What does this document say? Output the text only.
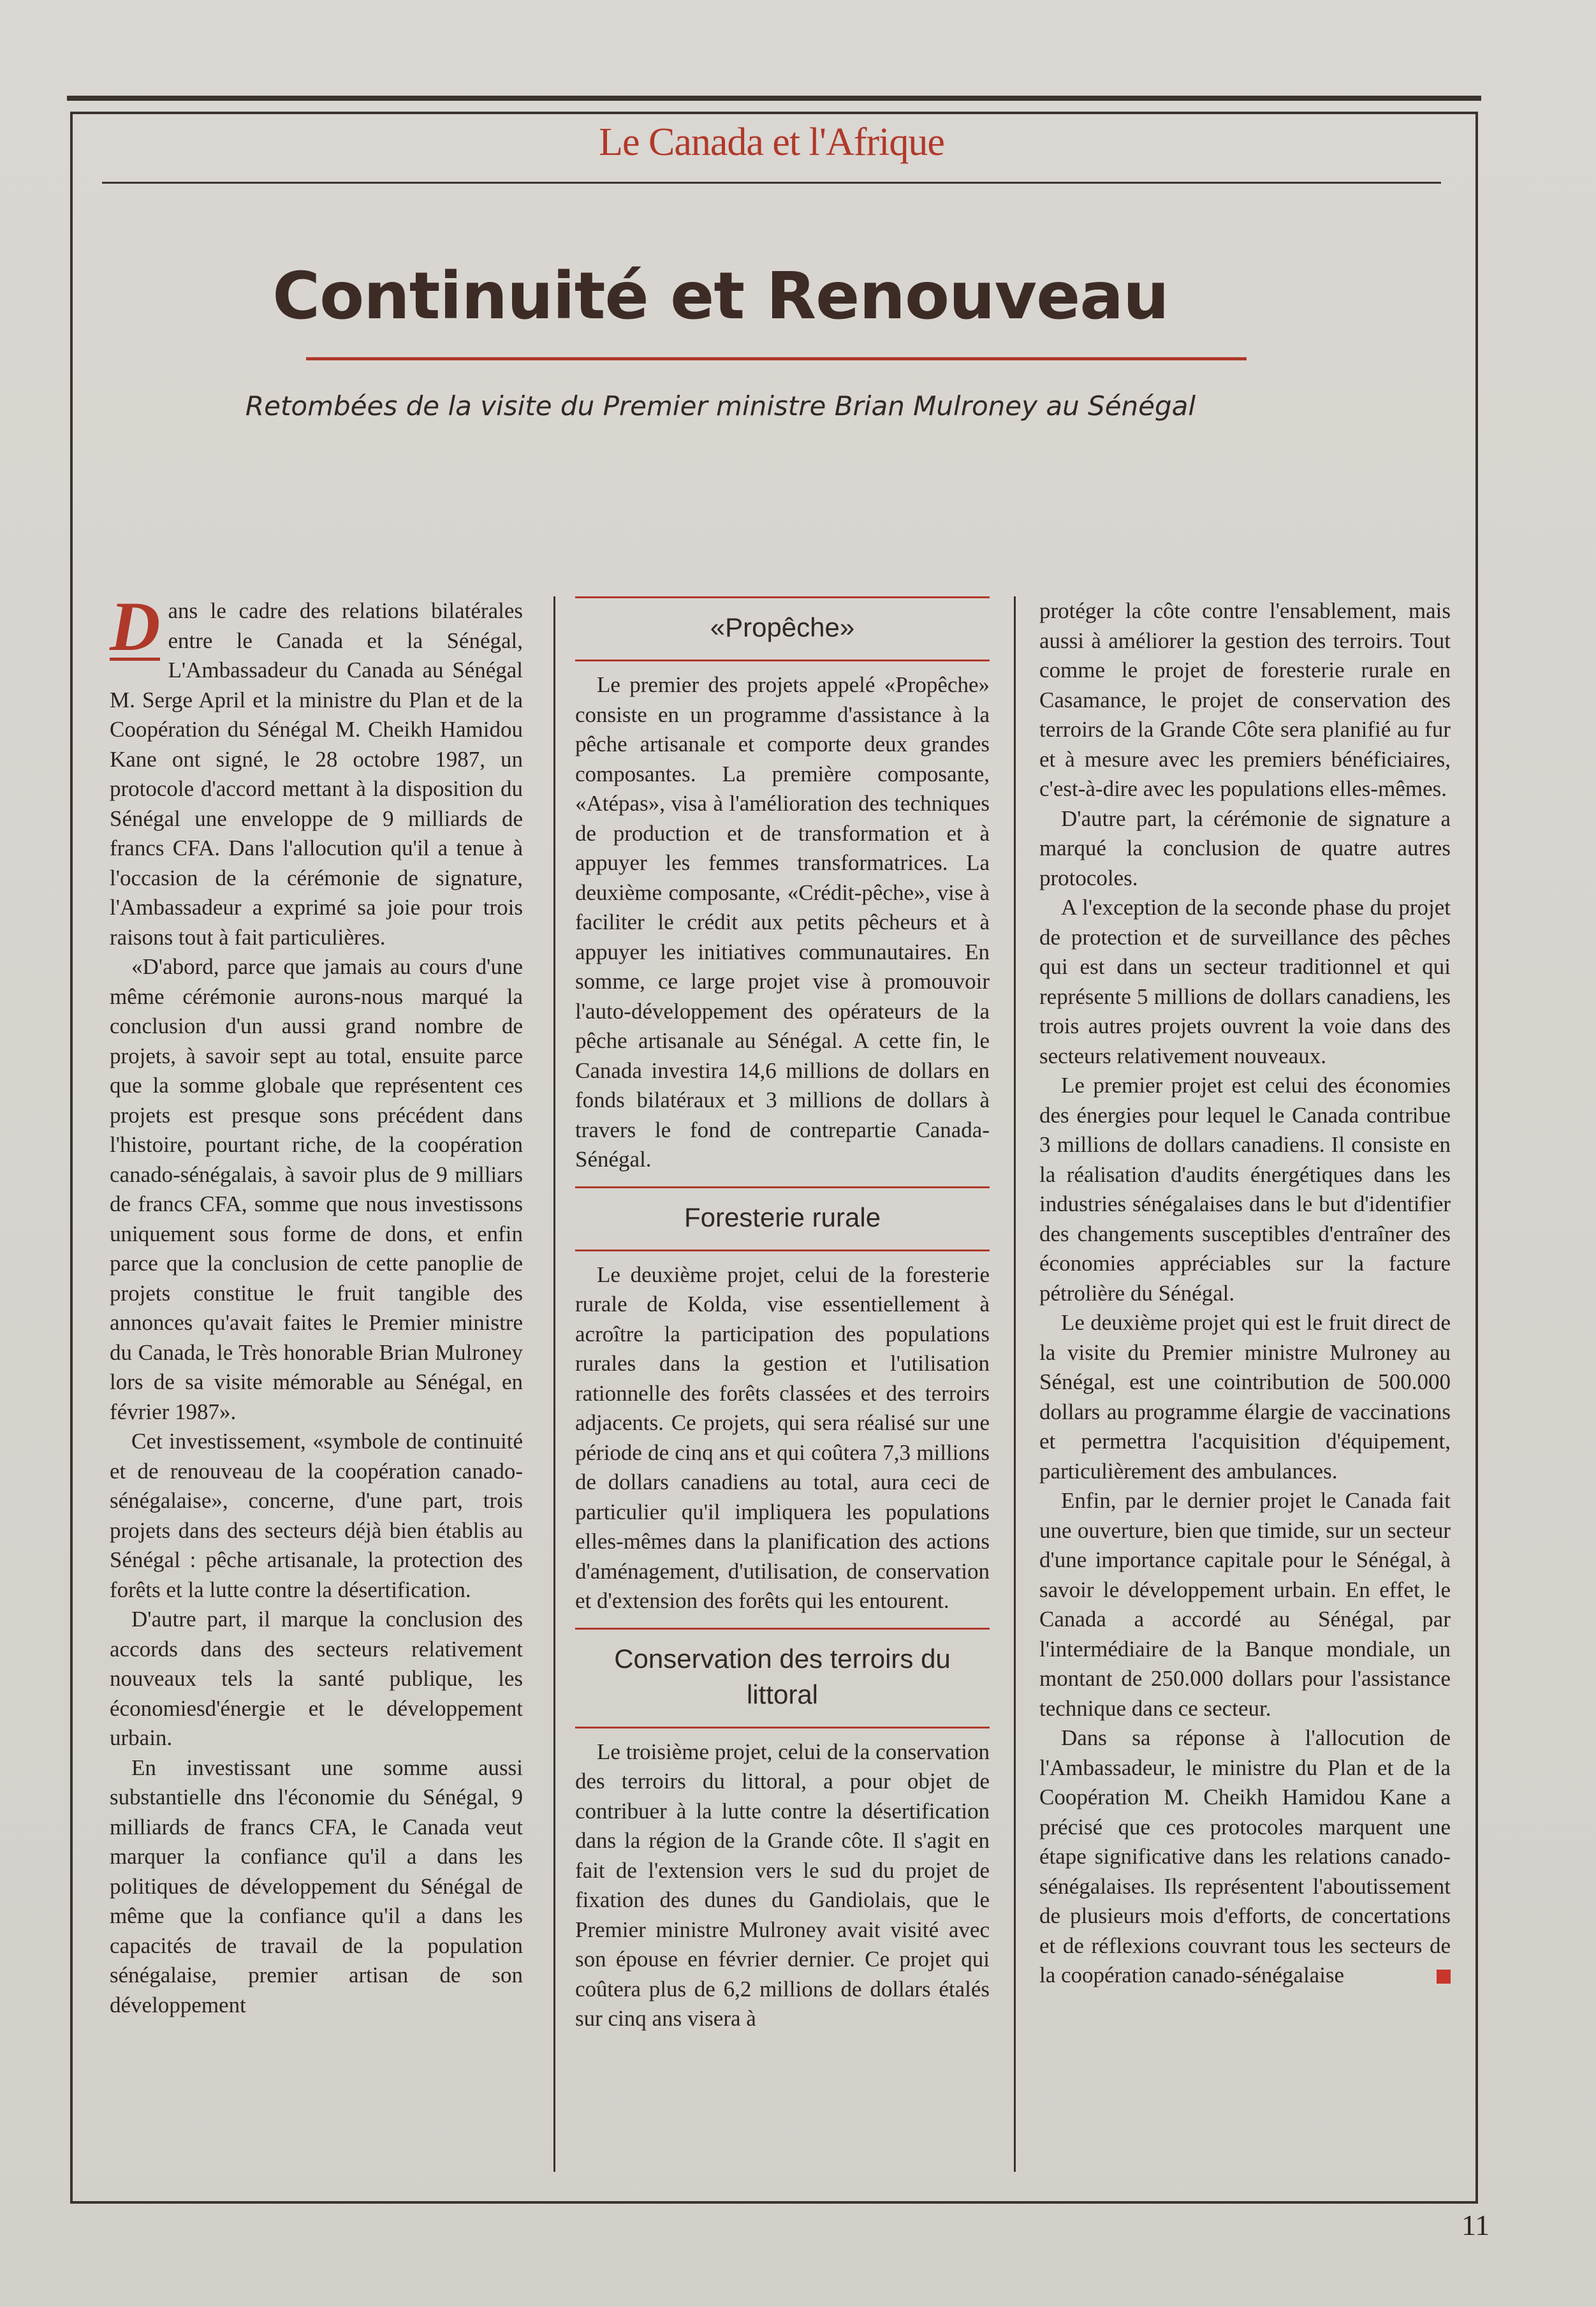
Le Canada et l'Afrique
Continuité et Renouveau
Retombées de la visite du Premier ministre Brian Mulroney au Sénégal

D ans le cadre des relations bilatérales entre le Canada et la Sénégal, L'Ambassadeur du Canada au Sénégal M. Serge April et la ministre du Plan et de la Coopération du Sénégal M. Cheikh Hamidou Kane ont signé, le 28 octobre 1987, un protocole d'accord mettant à la disposition du Sénégal une enveloppe de 9 milliards de francs CFA. Dans l'allocution qu'il a tenue à l'occasion de la cérémonie de signature, l'Ambassadeur a exprimé sa joie pour trois raisons tout à fait particulières.

«D'abord, parce que jamais au cours d'une même cérémonie aurons-nous marqué la conclusion d'un aussi grand nombre de projets, à savoir sept au total, ensuite parce que la somme globale que représentent ces projets est presque sons précédent dans l'histoire, pourtant riche, de la coopération canado-sénégalais, à savoir plus de 9 milliars de francs CFA, somme que nous investissons uniquement sous forme de dons, et enfin parce que la conclusion de cette panoplie de projets constitue le fruit tangible des annonces qu'avait faites le Premier ministre du Canada, le Très honorable Brian Mulroney lors de sa visite mémorable au Sénégal, en février 1987».

Cet investissement, «symbole de continuité et de renouveau de la coopération canado-sénégalaise», concerne, d'une part, trois projets dans des secteurs déjà bien établis au Sénégal : pêche artisanale, la protection des forêts et la lutte contre la désertification.

D'autre part, il marque la conclusion des accords dans des secteurs relativement nouveaux tels la santé publique, les économiesd'énergie et le développement urbain.

En investissant une somme aussi substantielle dns l'économie du Sénégal, 9 milliards de francs CFA, le Canada veut marquer la confiance qu'il a dans les politiques de développement du Sénégal de même que la confiance qu'il a dans les capacités de travail de la population sénégalaise, premier artisan de son développement

«Propêche»

Le premier des projets appelé «Propêche» consiste en un programme d'assistance à la pêche artisanale et comporte deux grandes composantes. La première composante, «Atépas», visa à l'amélioration des techniques de production et de transformation et à appuyer les femmes transformatrices. La deuxième composante, «Crédit-pêche», vise à faciliter le crédit aux petits pêcheurs et à appuyer les initiatives communautaires. En somme, ce large projet vise à promouvoir l'auto-développement des opérateurs de la pêche artisanale au Sénégal. A cette fin, le Canada investira 14,6 millions de dollars en fonds bilatéraux et 3 millions de dollars à travers le fond de contrepartie Canada-Sénégal.

Foresterie rurale

Le deuxième projet, celui de la foresterie rurale de Kolda, vise essentiellement à acroître la participation des populations rurales dans la gestion et l'utilisation rationnelle des forêts classées et des terroirs adjacents. Ce projets, qui sera réalisé sur une période de cinq ans et qui coûtera 7,3 millions de dollars canadiens au total, aura ceci de particulier qu'il impliquera les populations elles-mêmes dans la planification des actions d'aménagement, d'utilisation, de conservation et d'extension des forêts qui les entourent.

Conservation des terroirs du littoral

Le troisième projet, celui de la conservation des terroirs du littoral, a pour objet de contribuer à la lutte contre la désertification dans la région de la Grande côte. Il s'agit en fait de l'extension vers le sud du projet de fixation des dunes du Gandiolais, que le Premier ministre Mulroney avait visité avec son épouse en février dernier. Ce projet qui coûtera plus de 6,2 millions de dollars étalés sur cinq ans visera à

protéger la côte contre l'ensablement, mais aussi à améliorer la gestion des terroirs. Tout comme le projet de foresterie rurale en Casamance, le projet de conservation des terroirs de la Grande Côte sera planifié au fur et à mesure avec les premiers bénéficiaires, c'est-à-dire avec les populations elles-mêmes.

D'autre part, la cérémonie de signature a marqué la conclusion de quatre autres protocoles.

A l'exception de la seconde phase du projet de protection et de surveillance des pêches qui est dans un secteur traditionnel et qui représente 5 millions de dollars canadiens, les trois autres projets ouvrent la voie dans des secteurs relativement nouveaux.

Le premier projet est celui des économies des énergies pour lequel le Canada contribue 3 millions de dollars canadiens. Il consiste en la réalisation d'audits énergétiques dans les industries sénégalaises dans le but d'identifier des changements susceptibles d'entraîner des économies appréciables sur la facture pétrolière du Sénégal.

Le deuxième projet qui est le fruit direct de la visite du Premier ministre Mulroney au Sénégal, est une cointribution de 500.000 dollars au programme élargie de vaccinations et permettra l'acquisition d'équipement, particulièrement des ambulances.

Enfin, par le dernier projet le Canada fait une ouverture, bien que timide, sur un secteur d'une importance capitale pour le Sénégal, à savoir le développement urbain. En effet, le Canada a accordé au Sénégal, par l'intermédiaire de la Banque mondiale, un montant de 250.000 dollars pour l'assistance technique dans ce secteur.

Dans sa réponse à l'allocution de l'Ambassadeur, le ministre du Plan et de la Coopération M. Cheikh Hamidou Kane a précisé que ces protocoles marquent une étape significative dans les relations canado-sénégalaises. Ils représentent l'aboutissement de plusieurs mois d'efforts, de concertations et de réflexions couvrant tous les secteurs de la coopération canado-sénégalaise

11
